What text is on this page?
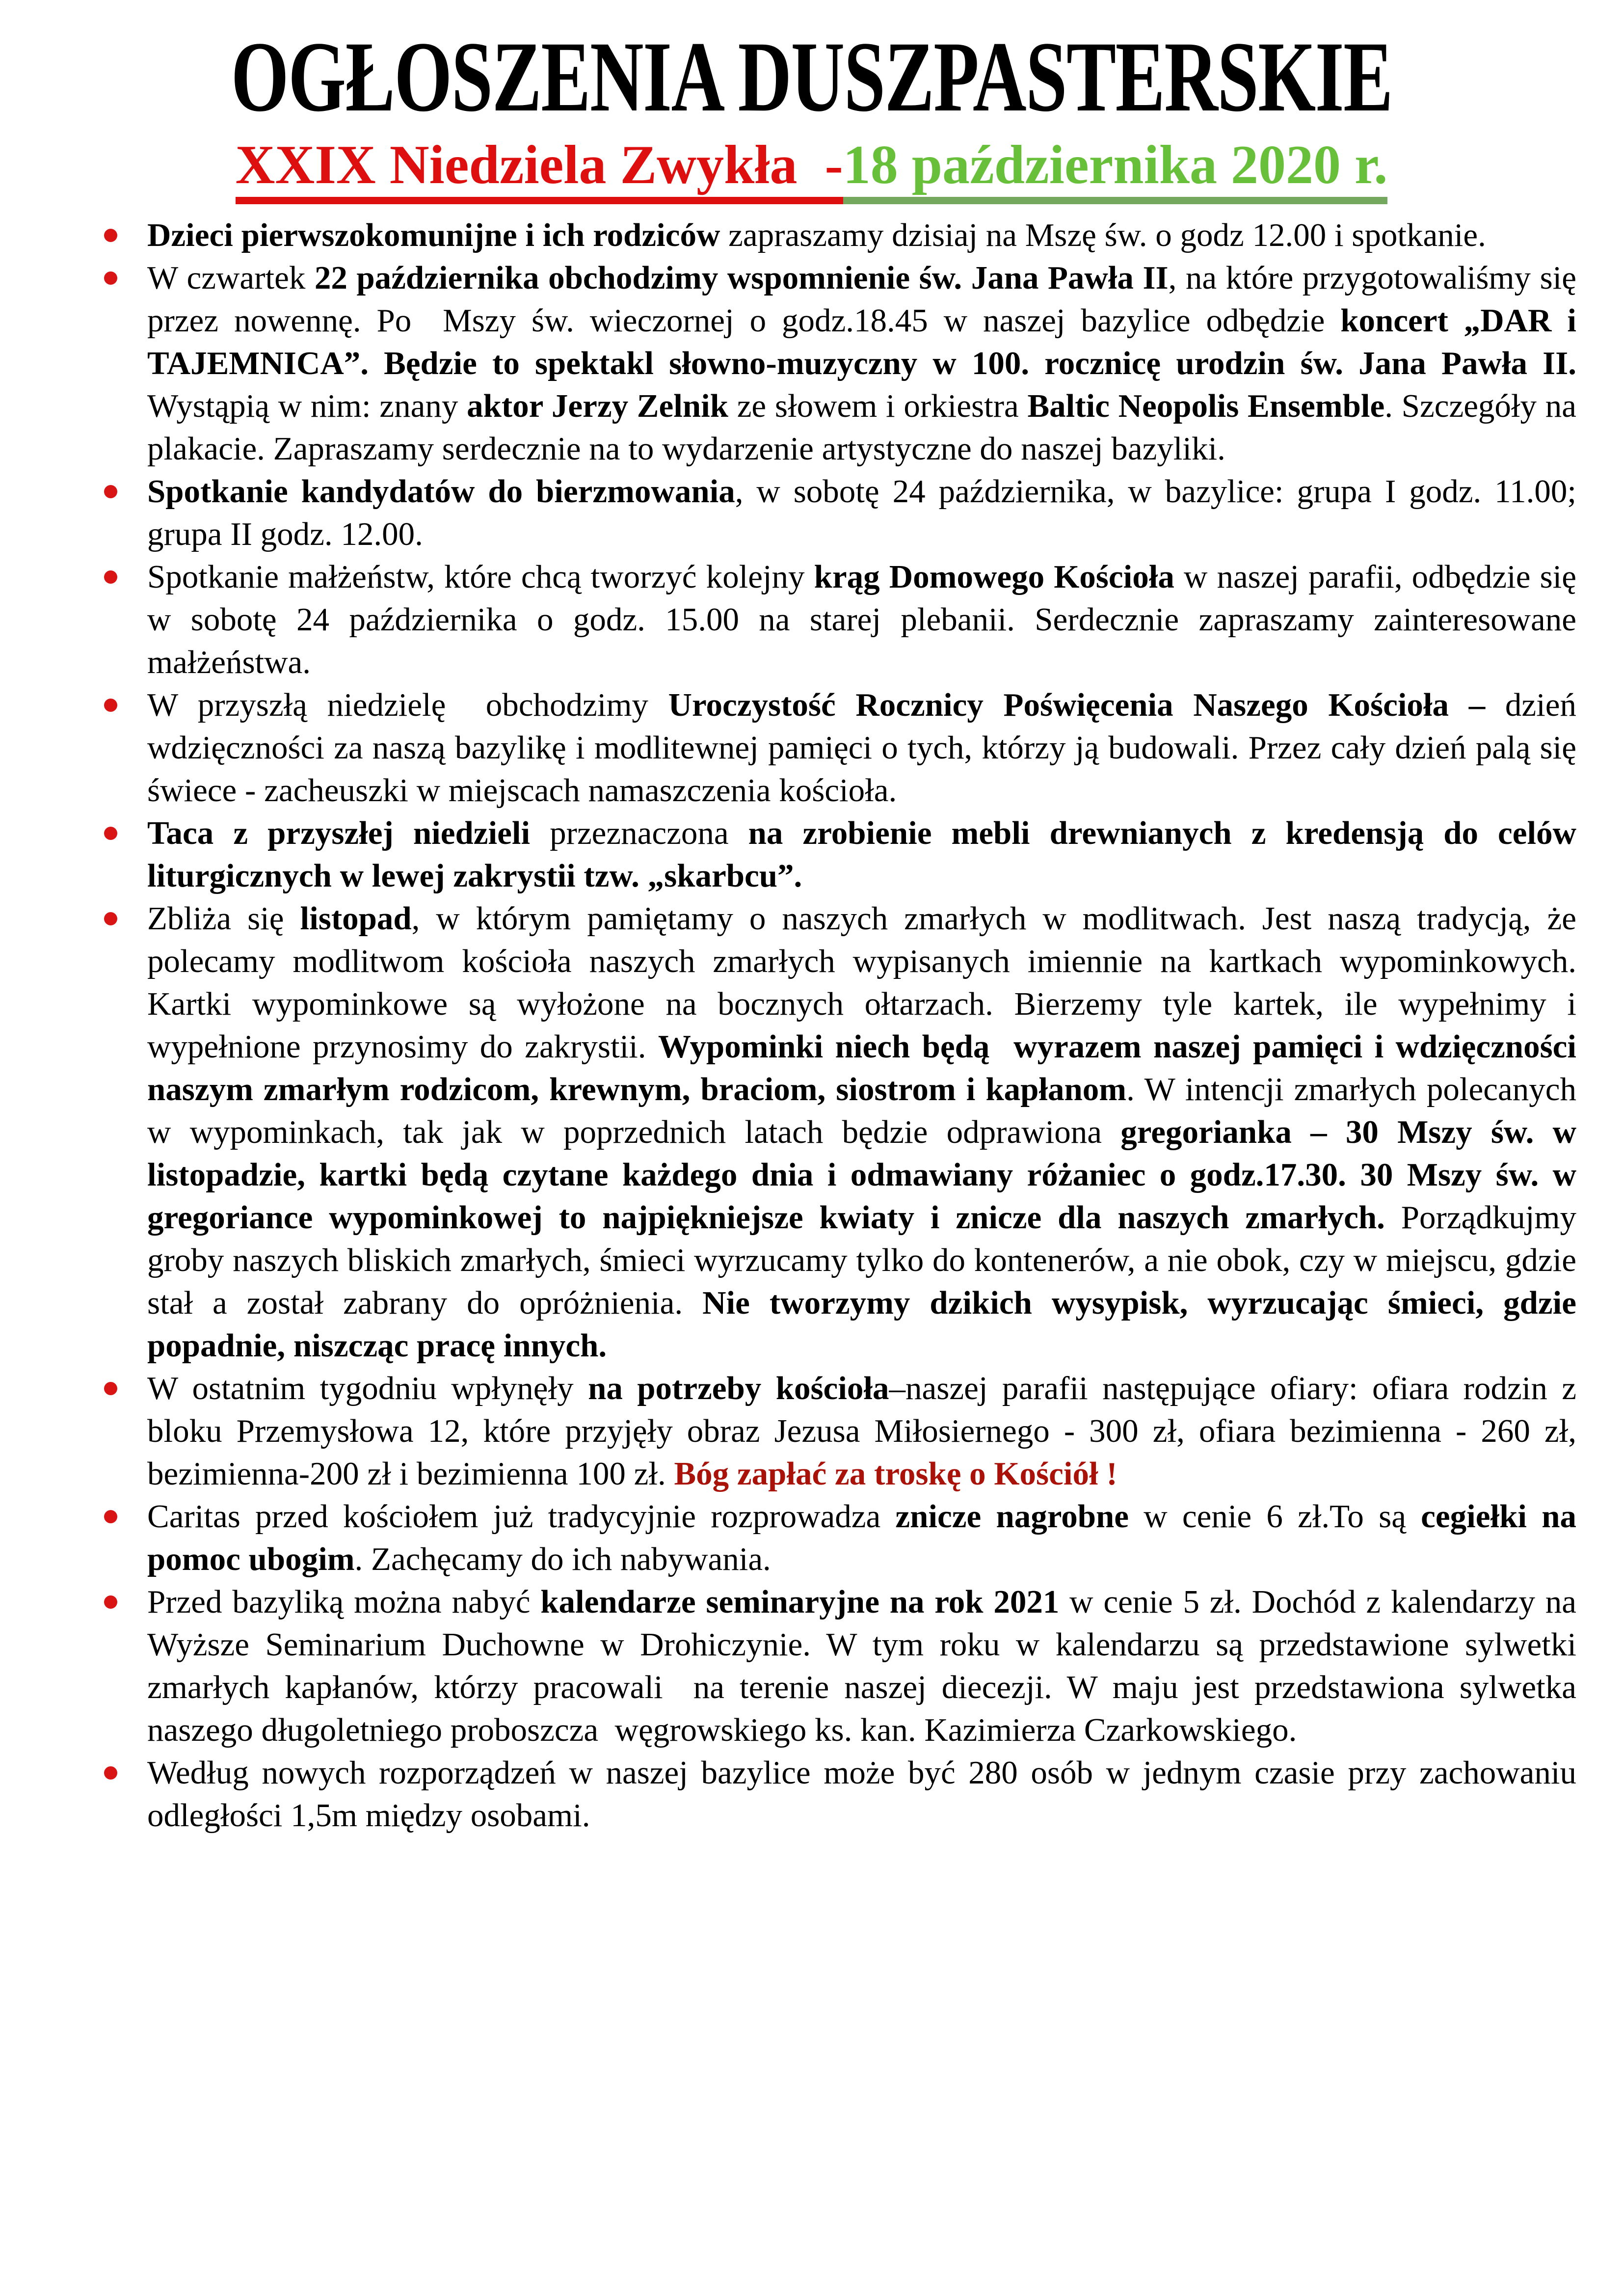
OGŁOSZENIA DUSZPASTERSKIE
XXIX Niedziela Zwykła  -18 października 2020 r.
Dzieci pierwszokomunijne i ich rodziców zapraszamy dzisiaj na Mszę św. o godz 12.00 i spotkanie.
W czwartek 22 października obchodzimy wspomnienie św. Jana Pawła II, na które przygotowaliśmy się przez nowennę. Po  Mszy św. wieczornej o godz.18.45 w naszej bazylice odbędzie koncert „DAR i TAJEMNICA”. Będzie to spektakl słowno-muzyczny w 100. rocznicę urodzin św. Jana Pawła II. Wystąpią w nim: znany aktor Jerzy Zelnik ze słowem i orkiestra Baltic Neopolis Ensemble. Szczegóły na    plakacie. Zapraszamy serdecznie na to wydarzenie artystyczne do naszej bazyliki.
Spotkanie kandydatów do bierzmowania, w sobotę 24 października, w bazylice: grupa I godz. 11.00; grupa II godz. 12.00.
Spotkanie małżeństw, które chcą tworzyć kolejny krąg Domowego Kościoła w naszej parafii, odbędzie się w sobotę 24 października o godz. 15.00 na starej plebanii. Serdecznie zapraszamy zainteresowane małżeństwa.
W przyszłą niedzielę  obchodzimy Uroczystość Rocznicy Poświęcenia Naszego Kościoła – dzień wdzięczności za naszą bazylikę i modlitewnej pamięci o tych, którzy ją budowali. Przez cały dzień palą się  świece - zacheuszki w miejscach namaszczenia kościoła.
Taca z przyszłej niedzieli przeznaczona na zrobienie mebli drewnianych z kredensją do celów liturgicznych w lewej zakrystii tzw. „skarbcu”.
Zbliża się listopad, w którym pamiętamy o naszych zmarłych w modlitwach. Jest naszą tradycją, że polecamy modlitwom kościoła naszych zmarłych wypisanych imiennie na kartkach wypominkowych. Kartki wypominkowe są wyłożone na bocznych ołtarzach. Bierzemy tyle kartek, ile wypełnimy i wypełnione przynosimy do zakrystii. Wypominki niech będą  wyrazem naszej pamięci i wdzięczności naszym zmarłym rodzicom, krewnym, braciom, siostrom i kapłanom. W intencji zmarłych polecanych w wypominkach, tak jak w poprzednich latach będzie odprawiona gregorianka – 30 Mszy św. w listopadzie, kartki będą czytane każdego dnia i odmawiany różaniec o godz.17.30. 30 Mszy św. w gregoriance wypominkowej to najpiękniejsze kwiaty i znicze dla naszych zmarłych. Porządkujmy groby naszych bliskich zmarłych, śmieci wyrzucamy tylko do kontenerów, a nie obok, czy w miejscu, gdzie stał a został zabrany do opróżnienia. Nie tworzymy dzikich wysypisk, wyrzucając śmieci, gdzie popadnie, niszcząc pracę innych.
W ostatnim tygodniu wpłynęły na potrzeby kościoła–naszej parafii następujące ofiary: ofiara rodzin z bloku Przemysłowa 12, które przyjęły obraz Jezusa Miłosiernego - 300 zł, ofiara bezimienna - 260 zł, bezimienna-200 zł i bezimienna 100 zł. Bóg zapłać za troskę o Kościół !
Caritas przed kościołem już tradycyjnie rozprowadza znicze nagrobne w cenie 6 zł.To są cegiełki na pomoc ubogim. Zachęcamy do ich nabywania.
Przed bazyliką można nabyć kalendarze seminaryjne na rok 2021 w cenie 5 zł. Dochód z kalendarzy na Wyższe Seminarium Duchowne w Drohiczynie. W tym roku w kalendarzu są przedstawione sylwetki zmarłych kapłanów, którzy pracowali  na terenie naszej diecezji. W maju jest przedstawiona sylwetka naszego długoletniego proboszcza  węgrowskiego ks. kan. Kazimierza Czarkowskiego.
Według nowych rozporządzeń w naszej bazylice może być 280 osób w jednym czasie przy zachowaniu odległości 1,5m między osobami.
